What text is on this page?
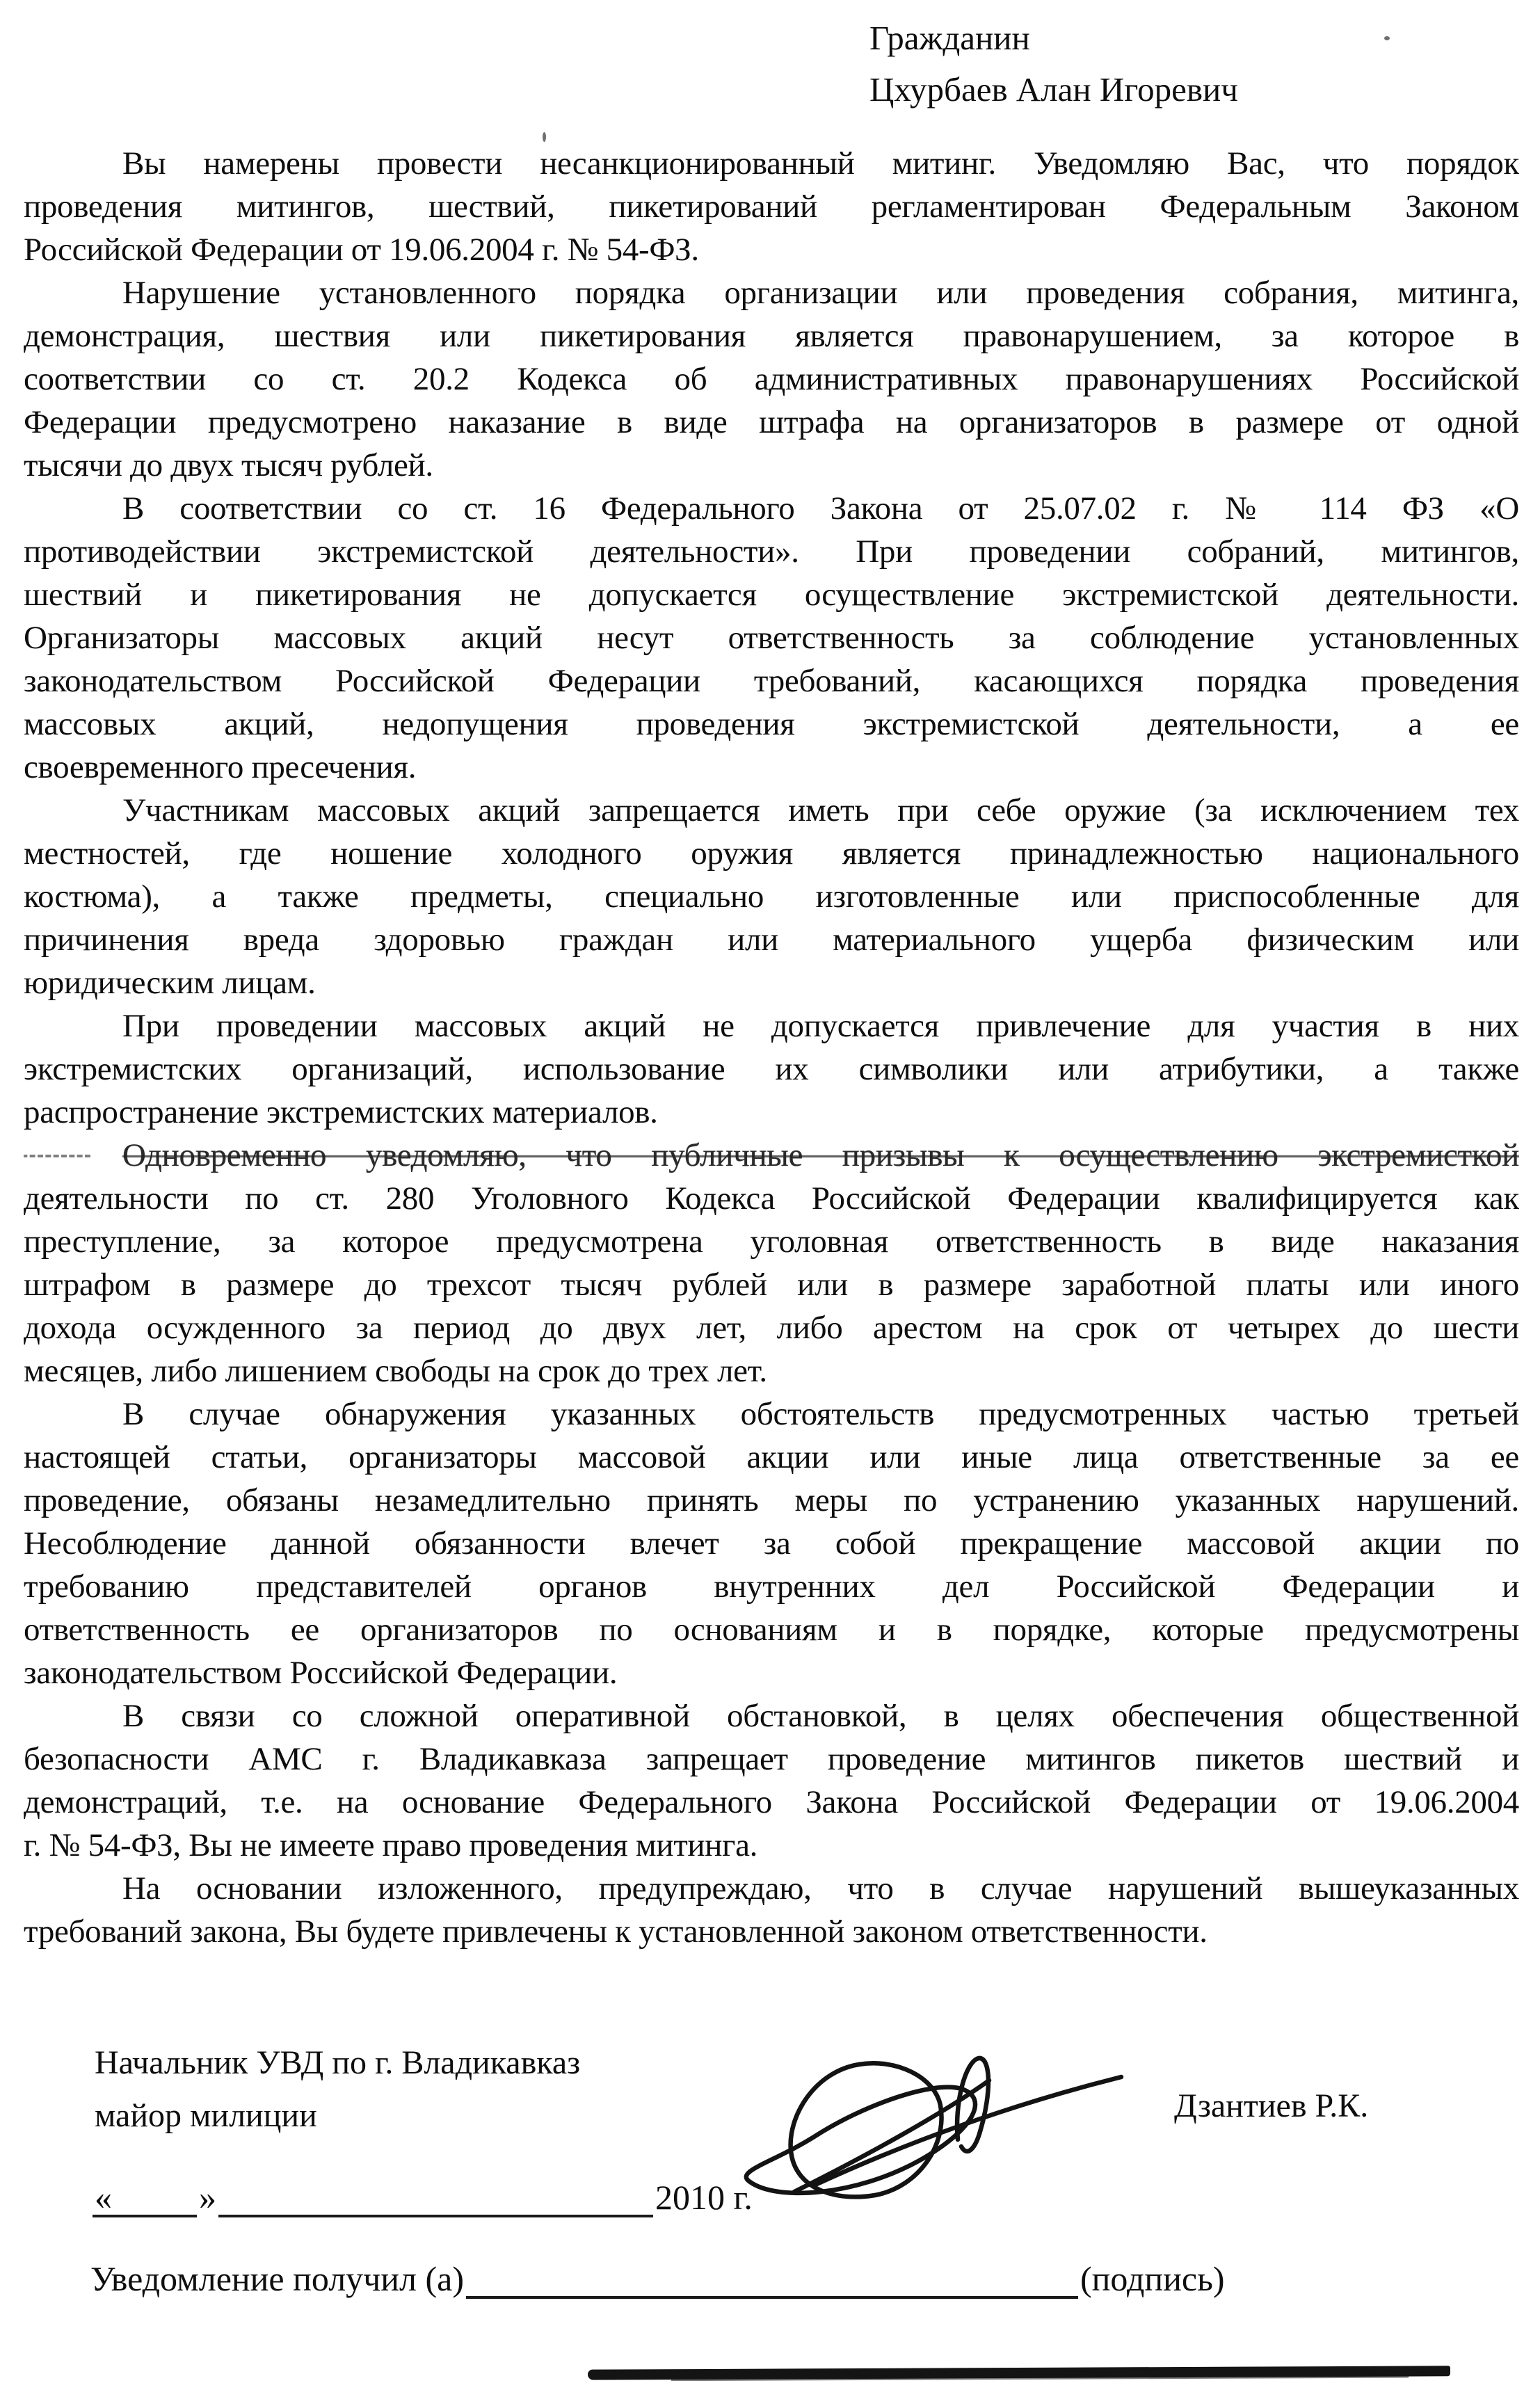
Гражданин
Цхурбаев Алан Игоревич

Вы намерены провести несанкционированный митинг. Уведомляю Вас, что порядок
проведения митингов, шествий, пикетирований регламентирован Федеральным Законом
Российской Федерации от 19.06.2004 г. № 54-ФЗ.

Нарушение установленного порядка организации или проведения собрания, митинга,
демонстрация, шествия или пикетирования является правонарушением, за которое в
соответствии со ст. 20.2 Кодекса об административных правонарушениях Российской
Федерации предусмотрено наказание в виде штрафа на организаторов в размере от одной
тысячи до двух тысяч рублей.

В соответствии со ст. 16 Федерального Закона от 25.07.02 г. № 114 ФЗ «О
противодействии экстремистской деятельности». При проведении собраний, митингов,
шествий и пикетирования не допускается осуществление экстремистской деятельности.
Организаторы массовых акций несут ответственность за соблюдение установленных
законодательством Российской Федерации требований, касающихся порядка проведения
массовых акций, недопущения проведения экстремистской деятельности, а ее
своевременного пресечения.

Участникам массовых акций запрещается иметь при себе оружие (за исключением тех
местностей, где ношение холодного оружия является принадлежностью национального
костюма), а также предметы, специально изготовленные или приспособленные для
причинения вреда здоровью граждан или материального ущерба физическим или
юридическим лицам.

При проведении массовых акций не допускается привлечение для участия в них
экстремистских организаций, использование их символики или атрибутики, а также
распространение экстремистских материалов.

Одновременно уведомляю, что публичные призывы к осуществлению экстремисткой
деятельности по ст. 280 Уголовного Кодекса Российской Федерации квалифицируется как
преступление, за которое предусмотрена уголовная ответственность в виде наказания
штрафом в размере до трехсот тысяч рублей или в размере заработной платы или иного
дохода осужденного за период до двух лет, либо арестом на срок от четырех до шести
месяцев, либо лишением свободы на срок до трех лет.

В случае обнаружения указанных обстоятельств предусмотренных частью третьей
настоящей статьи, организаторы массовой акции или иные лица ответственные за ее
проведение, обязаны незамедлительно принять меры по устранению указанных нарушений.
Несоблюдение данной обязанности влечет за собой прекращение массовой акции по
требованию представителей органов внутренних дел Российской Федерации и
ответственность ее организаторов по основаниям и в порядке, которые предусмотрены
законодательством Российской Федерации.

В связи со сложной оперативной обстановкой, в целях обеспечения общественной
безопасности АМС г. Владикавказа запрещает проведение митингов пикетов шествий и
демонстраций, т.е. на основание Федерального Закона Российской Федерации от 19.06.2004
г. № 54-ФЗ, Вы не имеете право проведения митинга.

На основании изложенного, предупреждаю, что в случае нарушений вышеуказанных
требований закона, Вы будете привлечены к установленной законом ответственности.

Начальник УВД по г. Владикавказ
майор милиции	Дзантиев Р.К.
«	»	2010 г.
Уведомление получил (а)	(подпись)
